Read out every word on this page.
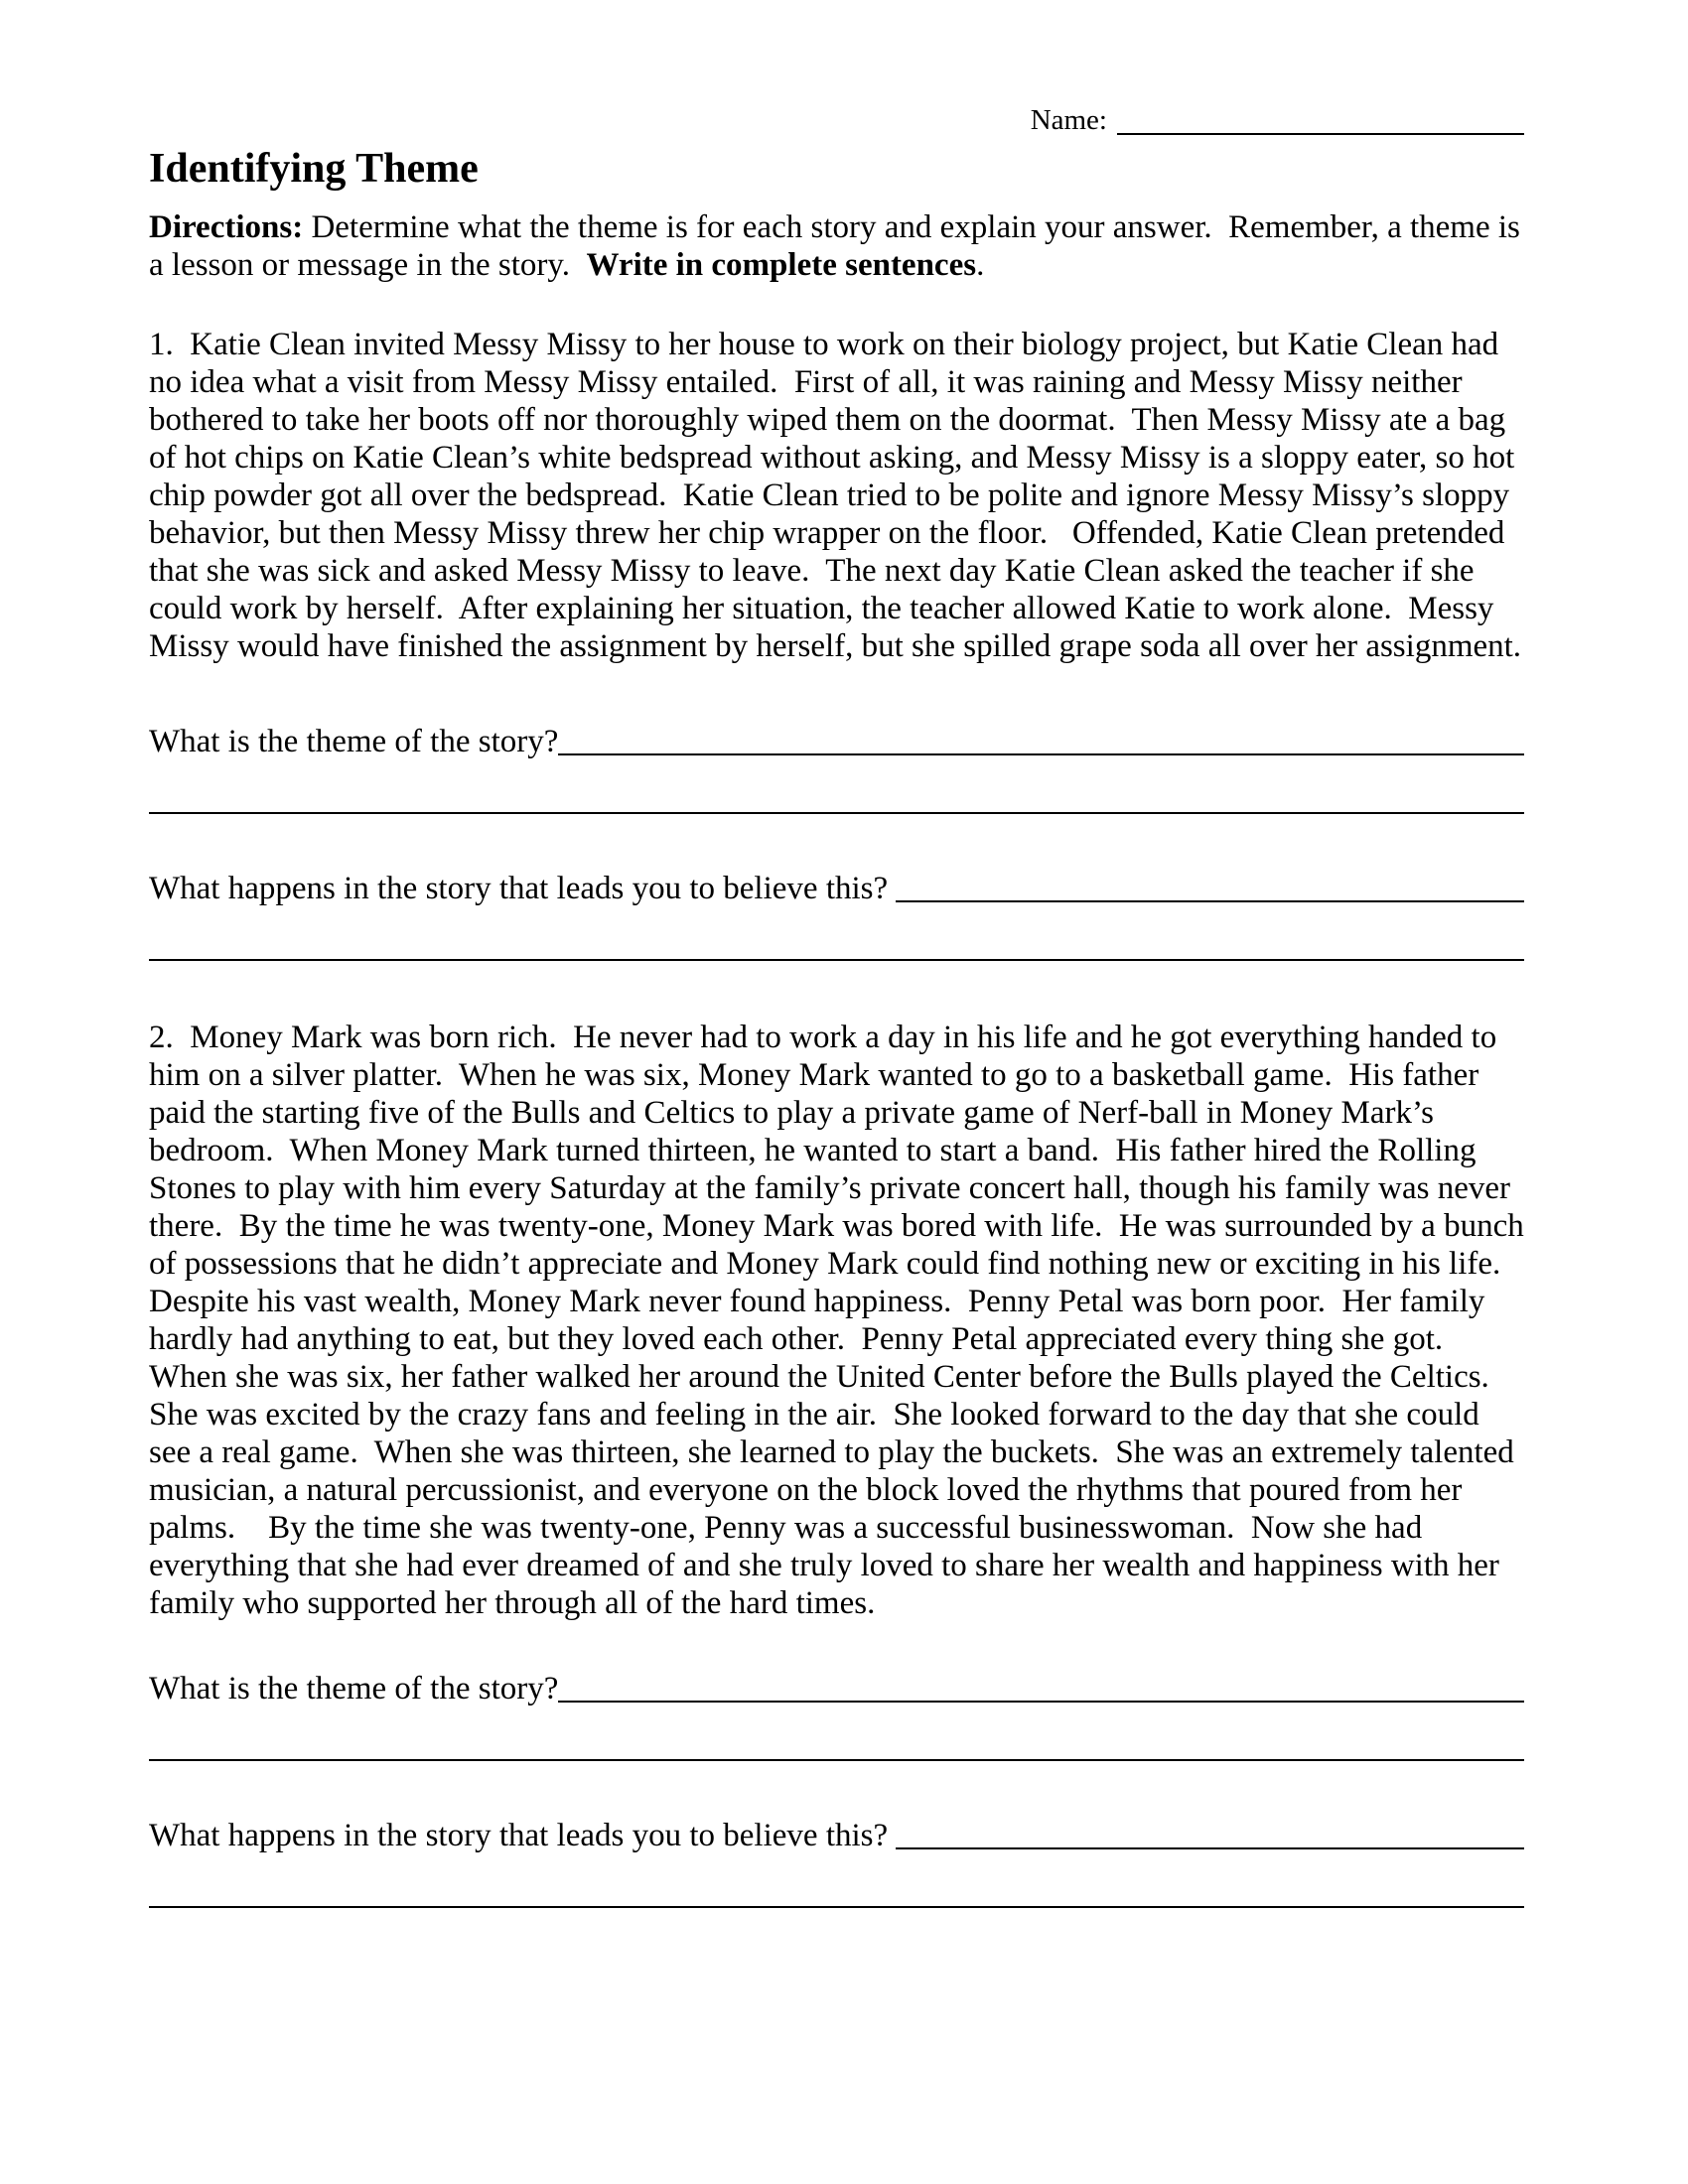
Name:
Identifying Theme

Directions: Determine what the theme is for each story and explain your answer.  Remember, a theme is a lesson or message in the story.  Write in complete sentences.

1.  Katie Clean invited Messy Missy to her house to work on their biology project, but Katie Clean had no idea what a visit from Messy Missy entailed.  First of all, it was raining and Messy Missy neither bothered to take her boots off nor thoroughly wiped them on the doormat.  Then Messy Missy ate a bag of hot chips on Katie Clean’s white bedspread without asking, and Messy Missy is a sloppy eater, so hot chip powder got all over the bedspread.  Katie Clean tried to be polite and ignore Messy Missy’s sloppy behavior, but then Messy Missy threw her chip wrapper on the floor.   Offended, Katie Clean pretended that she was sick and asked Messy Missy to leave.  The next day Katie Clean asked the teacher if she could work by herself.  After explaining her situation, the teacher allowed Katie to work alone.  Messy Missy would have finished the assignment by herself, but she spilled grape soda all over her assignment.

What is the theme of the story?
What happens in the story that leads you to believe this?

2.  Money Mark was born rich.  He never had to work a day in his life and he got everything handed to him on a silver platter.  When he was six, Money Mark wanted to go to a basketball game.  His father paid the starting five of the Bulls and Celtics to play a private game of Nerf-ball in Money Mark’s bedroom.  When Money Mark turned thirteen, he wanted to start a band.  His father hired the Rolling Stones to play with him every Saturday at the family’s private concert hall, though his family was never there.  By the time he was twenty-one, Money Mark was bored with life.  He was surrounded by a bunch of possessions that he didn’t appreciate and Money Mark could find nothing new or exciting in his life.  Despite his vast wealth, Money Mark never found happiness.  Penny Petal was born poor.  Her family hardly had anything to eat, but they loved each other.  Penny Petal appreciated every thing she got.  When she was six, her father walked her around the United Center before the Bulls played the Celtics.  She was excited by the crazy fans and feeling in the air.  She looked forward to the day that she could see a real game.  When she was thirteen, she learned to play the buckets.  She was an extremely talented musician, a natural percussionist, and everyone on the block loved the rhythms that poured from her palms.    By the time she was twenty-one, Penny was a successful businesswoman.  Now she had everything that she had ever dreamed of and she truly loved to share her wealth and happiness with her family who supported her through all of the hard times.

What is the theme of the story?
What happens in the story that leads you to believe this?
